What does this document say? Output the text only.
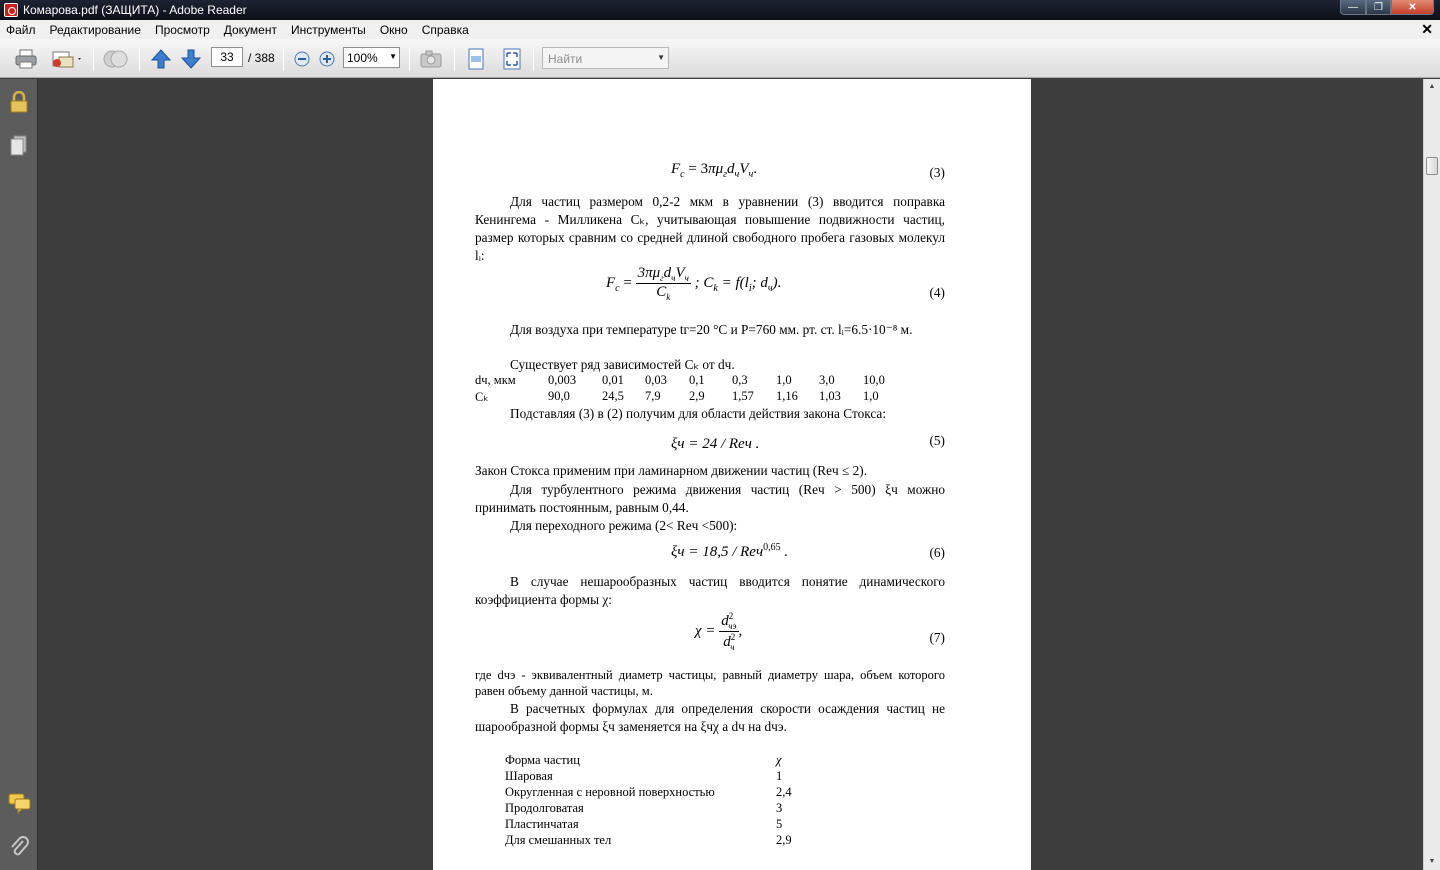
Комарова.pdf (ЗАЩИТА) - Adobe Reader	—	❐	✕
Файл	Редактирование	Просмотр	Документ	Инструменты	Окно	Справка	✕
33	/ 388	100% ▼	Найти	▼
▲
▼
$F_с = 3\pi\mu_гd_чV_ч$.	(3)
Для частиц размером 0,2-2 мкм в уравнении (3) вводится поправка Кенингема - Милликена Cₖ, учитывающая повышение подвижности частиц, размер которых сравним со средней длиной свободного пробега газовых молекул lᵢ:
$F_c = \frac{3\pi\mu_гd_чV_ч}{C_k}$ ; $C_k = f(l_i$; $d_ч$).
(4)
Для воздуха при температуре tг=20 °С и Р=760 мм. рт. ст. lᵢ=6.5·10⁻⁸ м.
Существует ряд зависимостей Cₖ от dч.
dч, мкм	0,003 0,01 0,03 0,1 0,3 1,0 3,0 10,0
Cₖ	90,0	24,5 7,9 2,9 1,57 1,16 1,03 1,0
Подставляя (3) в (2) получим для области действия закона Стокса:
ξч = 24 / Reч .	(5)
Закон Стокса применим при ламинарном движении частиц (Reч ≤ 2).
Для турбулентного режима движения частиц (Reч > 500) ξч можно принимать постоянным, равным 0,44.
Для переходного режима (2< Reч <500):
ξч = 18,5 / Reч$^{0,65}$ .	(6)
В случае нешарообразных частиц вводится понятие динамического коэффициента формы χ:
$\chi = \frac{d^2_{чэ}}{d^2_ч}$ ,	(7)
где dчэ - эквивалентный диаметр частицы, равный диаметру шара, объем которого равен объему данной частицы, м.
В расчетных формулах для определения скорости осаждения частиц не шарообразной формы ξч заменяется на ξчχ а dч на dчэ.
Форма частиц	χ
Шаровая	1
Округленная с неровной поверхностью	2,4
Продолговатая	3
Пластинчатая	5
Для смешанных тел	2,9
